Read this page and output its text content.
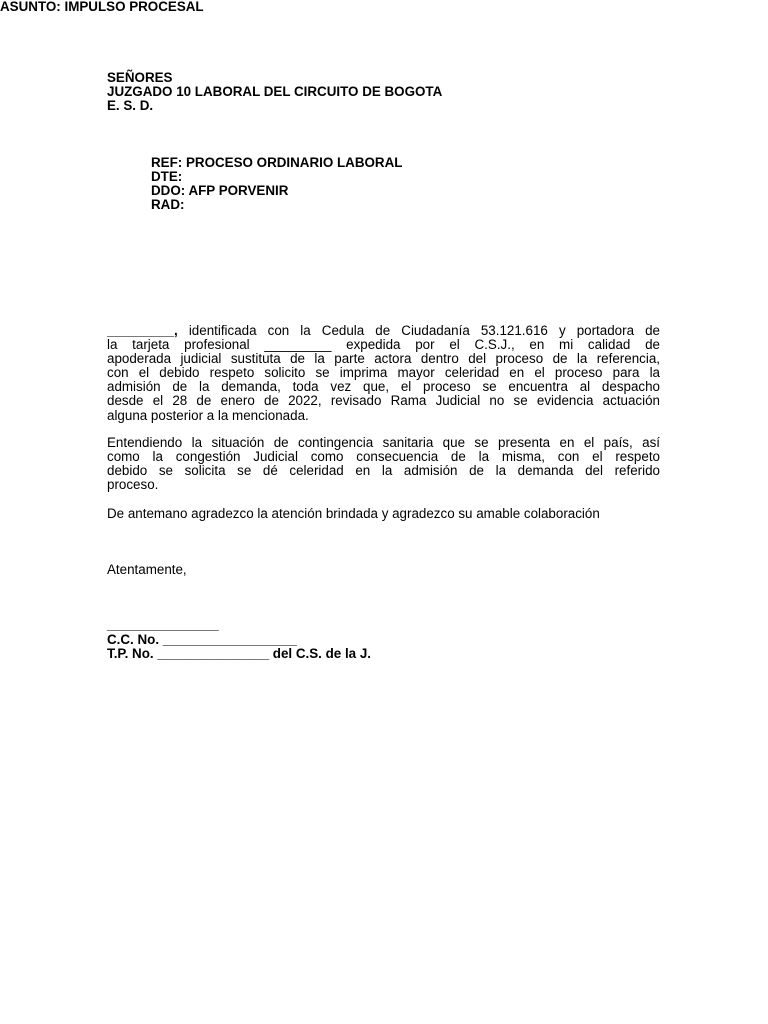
SEÑORES
JUZGADO 10 LABORAL DEL CIRCUITO DE BOGOTA
E. S. D.
REF: PROCESO ORDINARIO LABORAL
DTE:
DDO: AFP PORVENIR
RAD:
ASUNTO: IMPULSO PROCESAL
_________, identificada con la Cedula de Ciudadanía 53.121.616 y portadora de
la tarjeta profesional _________ expedida por el C.S.J., en mi calidad de
apoderada judicial sustituta de la parte actora dentro del proceso de la referencia,
con el debido respeto solicito se imprima mayor celeridad en el proceso para la
admisión de la demanda, toda vez que, el proceso se encuentra al despacho
desde el 28 de enero de 2022, revisado Rama Judicial no se evidencia actuación
alguna posterior a la mencionada.
Entendiendo la situación de contingencia sanitaria que se presenta en el país, así
como la congestión Judicial como consecuencia de la misma, con el respeto
debido se solicita se dé celeridad en la admisión de la demanda del referido
proceso.
De antemano agradezco la atención brindada y agradezco su amable colaboración
Atentamente,
_______________
C.C. No. __________________
T.P. No. _______________ del C.S. de la J.
